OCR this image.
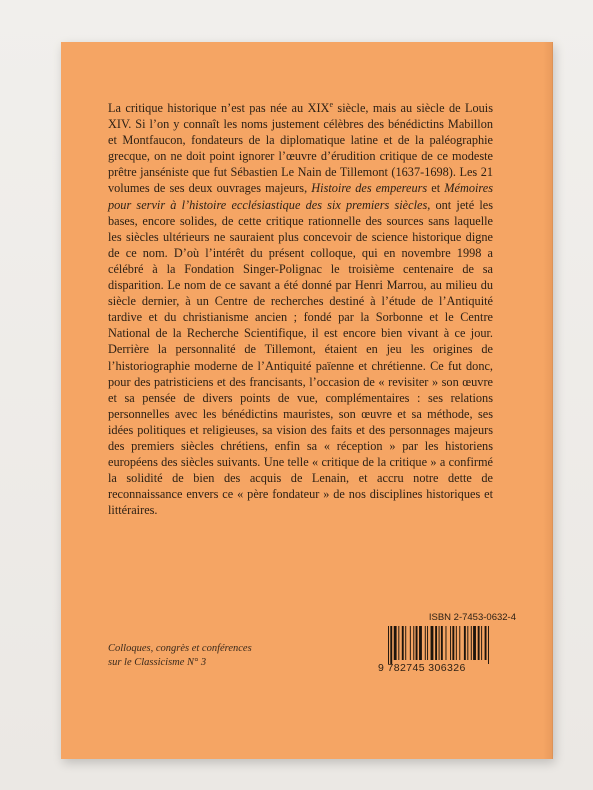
La critique historique n’est pas née au XIXe siècle, mais au siècle de Louis XIV. Si l’on y connaît les noms justement célèbres des bénédictins Mabillon et Montfaucon, fondateurs de la diplomatique latine et de la paléographie grecque, on ne doit point ignorer l’œuvre d’érudition critique de ce modeste prêtre janséniste que fut Sébastien Le Nain de Tillemont (1637-1698). Les 21 volumes de ses deux ouvrages majeurs, Histoire des empereurs et Mémoires pour servir à l’histoire ecclésiastique des six premiers siècles, ont jeté les bases, encore solides, de cette critique rationnelle des sources sans laquelle les siècles ultérieurs ne sauraient plus concevoir de science historique digne de ce nom. D’où l’intérêt du présent colloque, qui en novembre 1998 a célébré à la Fondation Singer-Polignac le troisième centenaire de sa disparition. Le nom de ce savant a été donné par Henri Marrou, au milieu du siècle dernier, à un Centre de recherches destiné à l’étude de l’Antiquité tardive et du christianisme ancien ; fondé par la Sorbonne et le Centre National de la Recherche Scientifique, il est encore bien vivant à ce jour. Derrière la personnalité de Tillemont, étaient en jeu les origines de l’historiographie moderne de l’Antiquité païenne et chrétienne. Ce fut donc, pour des patristiciens et des francisants, l’occasion de « revisiter » son œuvre et sa pensée de divers points de vue, complémentaires : ses relations personnelles avec les bénédictins mauristes, son œuvre et sa méthode, ses idées politiques et religieuses, sa vision des faits et des personnages majeurs des premiers siècles chrétiens, enfin sa « réception » par les historiens européens des siècles suivants. Une telle « critique de la critique » a confirmé la solidité de bien des acquis de Lenain, et accru notre dette de reconnaissance envers ce « père fondateur » de nos disciplines historiques et littéraires.

ISBN 2-7453-0632-4
9 782745 306326
Colloques, congrès et conférences
sur le Classicisme N° 3
